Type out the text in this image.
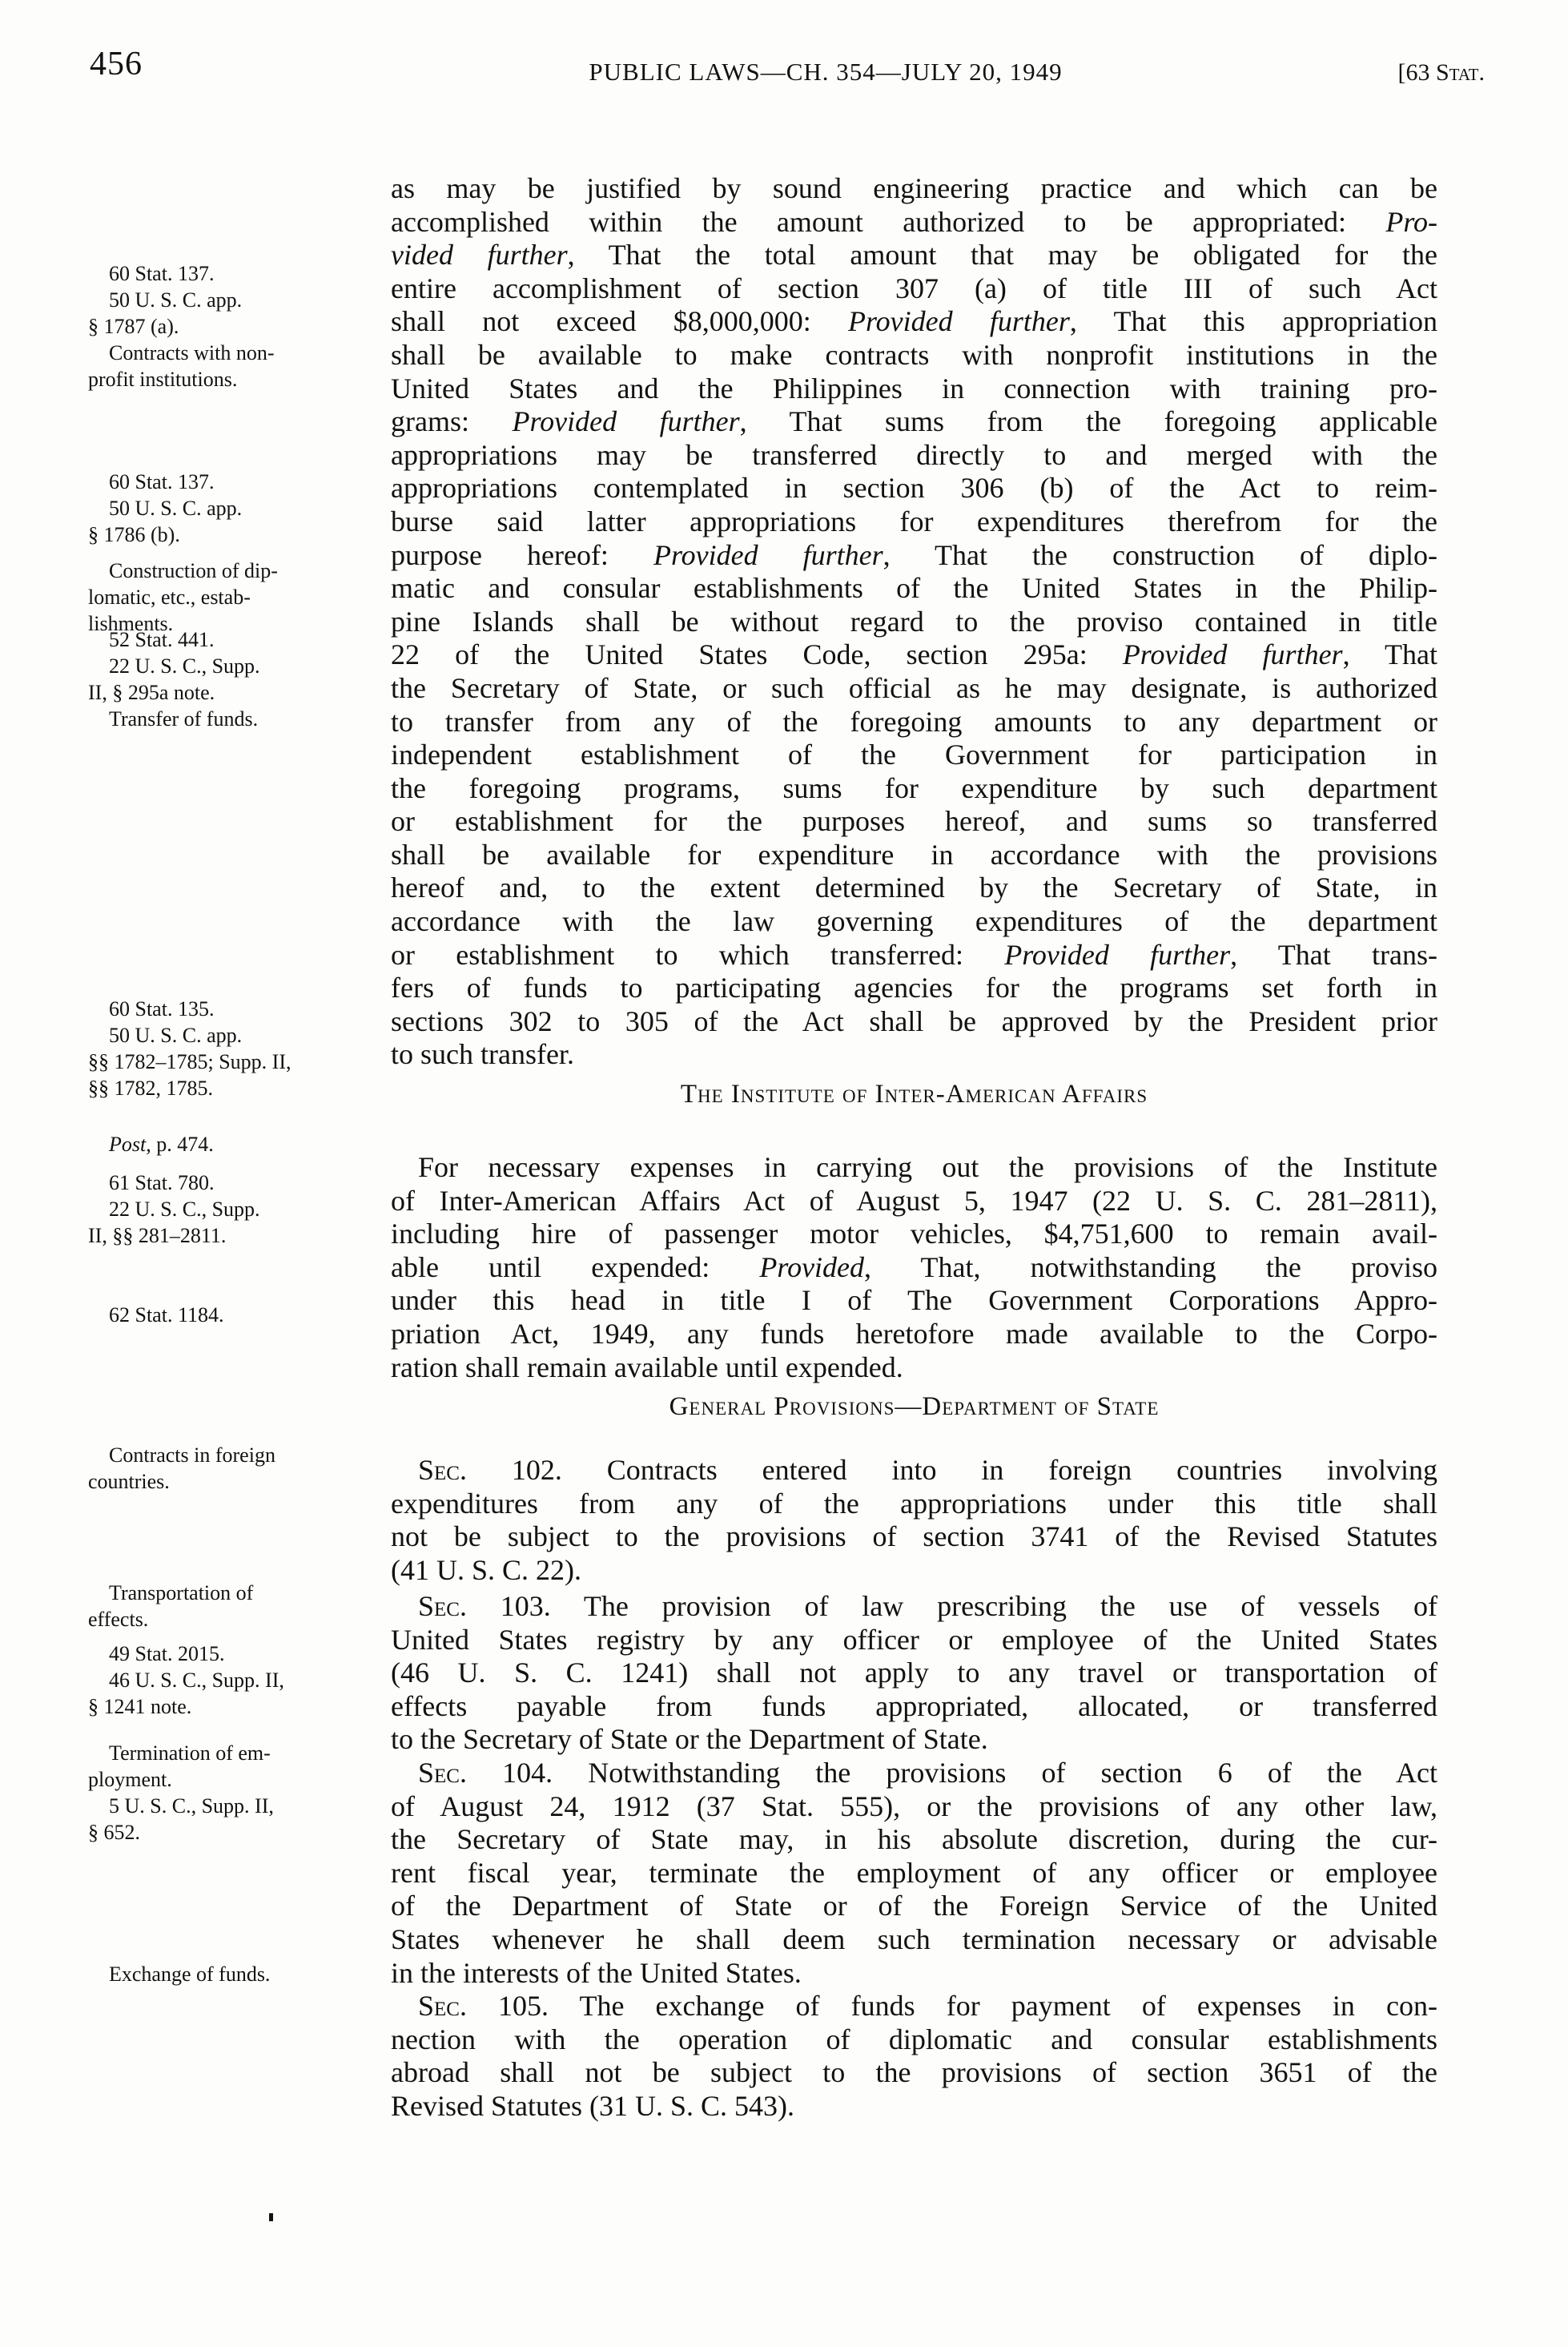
456	PUBLIC LAWS—CH. 354—JULY 20, 1949	[63 Stat.
60 Stat. 137.
50 U. S. C. app.
§ 1787 (a).
Contracts with non-
profit institutions.
60 Stat. 137.
50 U. S. C. app.
§ 1786 (b).
Construction of dip-
lomatic, etc., estab-
lishments.
52 Stat. 441.
22 U. S. C., Supp.
II, § 295a note.
Transfer of funds.
60 Stat. 135.
50 U. S. C. app.
§§ 1782–1785; Supp. II,
§§ 1782, 1785.
Post, p. 474.
61 Stat. 780.
22 U. S. C., Supp.
II, §§ 281–2811.
62 Stat. 1184.
Contracts in foreign
countries.
Transportation of
effects.
49 Stat. 2015.
46 U. S. C., Supp. II,
§ 1241 note.
Termination of em-
ployment.
5 U. S. C., Supp. II,
§ 652.
Exchange of funds.
as may be justified by sound engineering practice and which can be
accomplished within the amount authorized to be appropriated: Pro-
vided further, That the total amount that may be obligated for the
entire accomplishment of section 307 (a) of title III of such Act
shall not exceed $8,000,000: Provided further, That this appropriation
shall be available to make contracts with nonprofit institutions in the
United States and the Philippines in connection with training pro-
grams: Provided further, That sums from the foregoing applicable
appropriations may be transferred directly to and merged with the
appropriations contemplated in section 306 (b) of the Act to reim-
burse said latter appropriations for expenditures therefrom for the
purpose hereof: Provided further, That the construction of diplo-
matic and consular establishments of the United States in the Philip-
pine Islands shall be without regard to the proviso contained in title
22 of the United States Code, section 295a: Provided further, That
the Secretary of State, or such official as he may designate, is authorized
to transfer from any of the foregoing amounts to any department or
independent establishment of the Government for participation in
the foregoing programs, sums for expenditure by such department
or establishment for the purposes hereof, and sums so transferred
shall be available for expenditure in accordance with the provisions
hereof and, to the extent determined by the Secretary of State, in
accordance with the law governing expenditures of the department
or establishment to which transferred: Provided further, That trans-
fers of funds to participating agencies for the programs set forth in
sections 302 to 305 of the Act shall be approved by the President prior
to such transfer.
The Institute of Inter-American Affairs
For necessary expenses in carrying out the provisions of the Institute
of Inter-American Affairs Act of August 5, 1947 (22 U. S. C. 281–2811),
including hire of passenger motor vehicles, $4,751,600 to remain avail-
able until expended: Provided, That, notwithstanding the proviso
under this head in title I of The Government Corporations Appro-
priation Act, 1949, any funds heretofore made available to the Corpo-
ration shall remain available until expended.
General Provisions—Department of State
Sec. 102. Contracts entered into in foreign countries involving
expenditures from any of the appropriations under this title shall
not be subject to the provisions of section 3741 of the Revised Statutes
(41 U. S. C. 22).
Sec. 103. The provision of law prescribing the use of vessels of
United States registry by any officer or employee of the United States
(46 U. S. C. 1241) shall not apply to any travel or transportation of
effects payable from funds appropriated, allocated, or transferred
to the Secretary of State or the Department of State.
Sec. 104. Notwithstanding the provisions of section 6 of the Act
of August 24, 1912 (37 Stat. 555), or the provisions of any other law,
the Secretary of State may, in his absolute discretion, during the cur-
rent fiscal year, terminate the employment of any officer or employee
of the Department of State or of the Foreign Service of the United
States whenever he shall deem such termination necessary or advisable
in the interests of the United States.
Sec. 105. The exchange of funds for payment of expenses in con-
nection with the operation of diplomatic and consular establishments
abroad shall not be subject to the provisions of section 3651 of the
Revised Statutes (31 U. S. C. 543).
